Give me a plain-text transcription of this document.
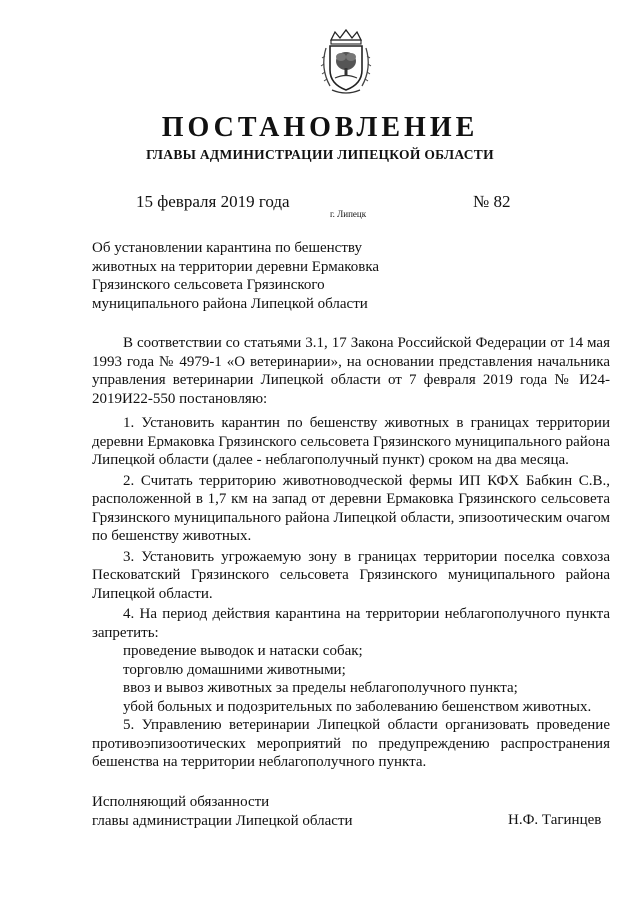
ПОСТАНОВЛЕНИЕ
ГЛАВЫ АДМИНИСТРАЦИИ ЛИПЕЦКОЙ ОБЛАСТИ
15 февраля 2019 года
г. Липецк
№ 82
Об установлении карантина по бешенству
животных на территории деревни Ермаковка
Грязинского сельсовета Грязинского
муниципального района Липецкой области

В соответствии со статьями 3.1, 17 Закона Российской Федерации от 14 мая 1993 года № 4979-1 «О ветеринарии», на основании представления начальника управления ветеринарии Липецкой области от 7 февраля 2019 года № И24-2019И22-550 постановляю:

1. Установить карантин по бешенству животных в границах территории деревни Ермаковка Грязинского сельсовета Грязинского муниципального района Липецкой области (далее - неблагополучный пункт) сроком на два месяца.

2. Считать территорию животноводческой фермы ИП КФХ Бабкин С.В., расположенной в 1,7 км на запад от деревни Ермаковка Грязинского сельсовета Грязинского муниципального района Липецкой области, эпизоотическим очагом по бешенству животных.

3. Установить угрожаемую зону в границах территории поселка совхоза Песковатский Грязинского сельсовета Грязинского муниципального района Липецкой области.

4. На период действия карантина на территории неблагополучного пункта запретить:

проведение выводок и натаски собак;

торговлю домашними животными;

ввоз и вывоз животных за пределы неблагополучного пункта;

убой больных и подозрительных по заболеванию бешенством животных.

5. Управлению ветеринарии Липецкой области организовать проведение противоэпизоотических мероприятий по предупреждению распространения бешенства на территории неблагополучного пункта.

Исполняющий обязанности
главы администрации Липецкой области	Н.Ф. Тагинцев
